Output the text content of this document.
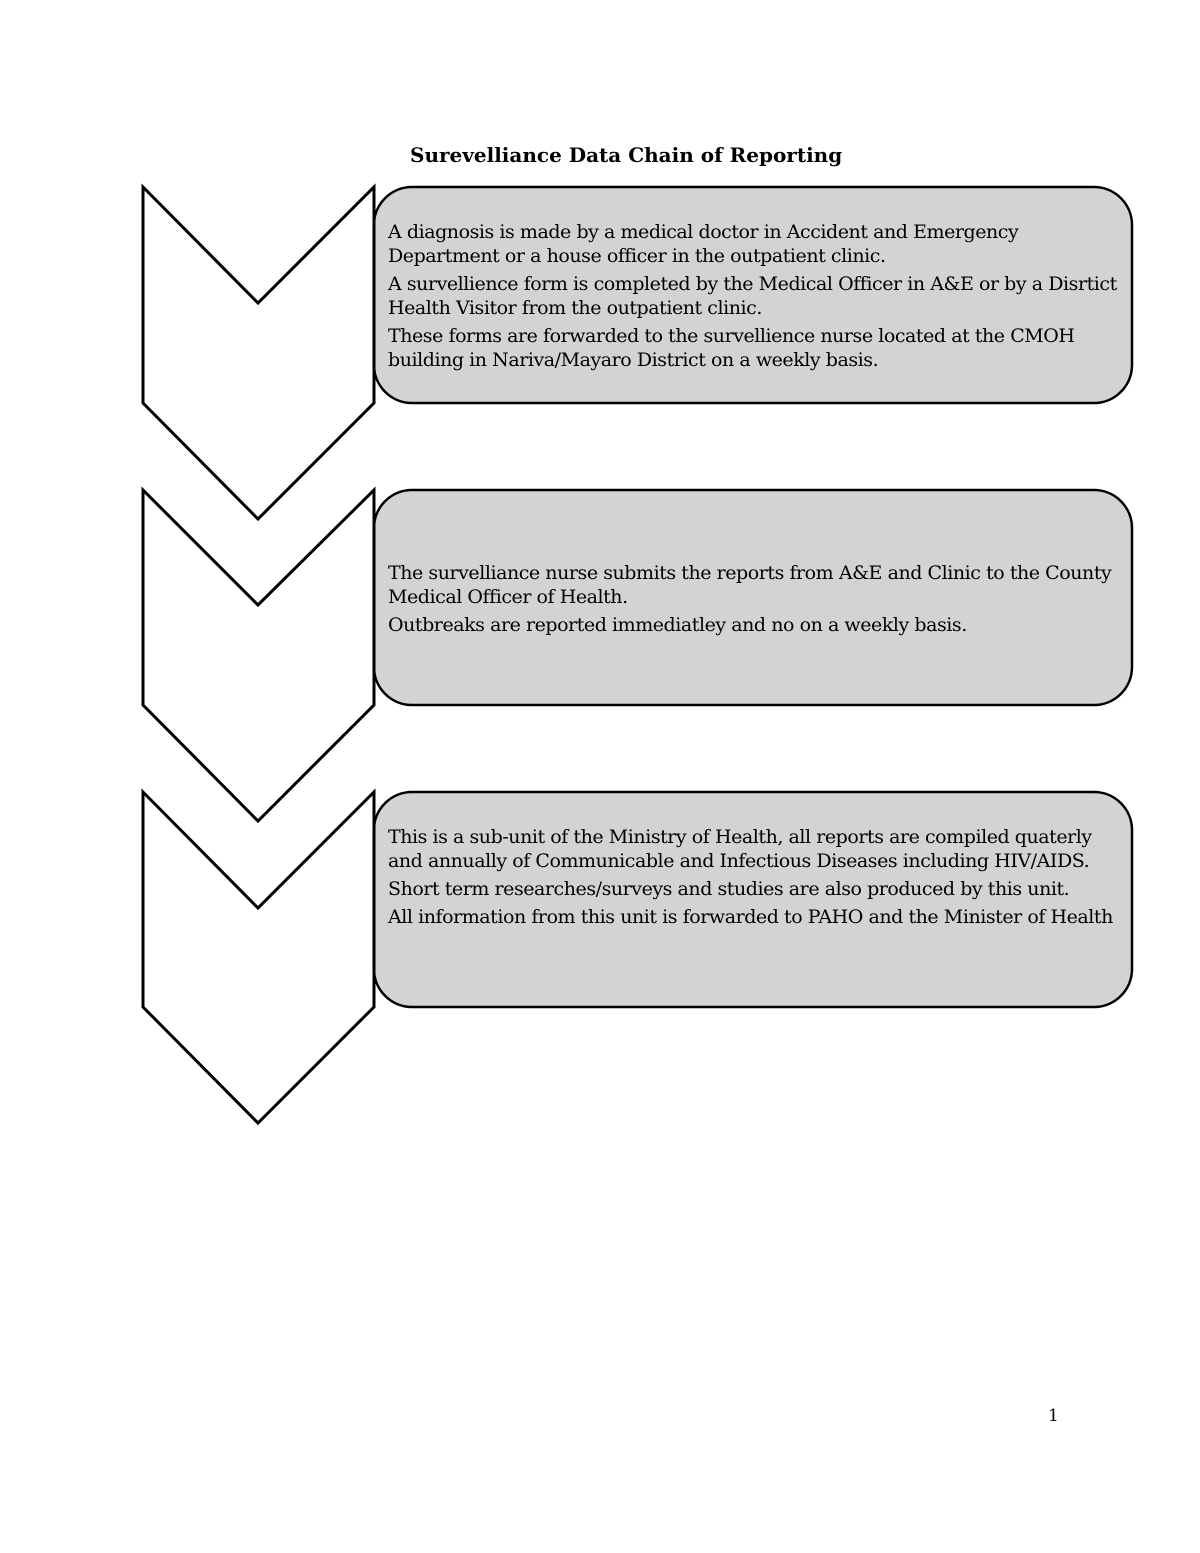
Surevelliance Data Chain of Reporting

A diagnosis is made by a medical doctor in Accident and Emergency Department or a house officer in the outpatient clinic.

A survellience form is completed by the Medical Officer in A&E or by a Disrtict Health Visitor from the outpatient clinic.

These forms are forwarded to the survellience nurse located at the CMOH building in Nariva/Mayaro District on a weekly basis.

The survelliance nurse submits the reports from A&E and Clinic to the County Medical Officer of Health.

Outbreaks are reported immediatley and no on a weekly basis.

This is a sub-unit of the Ministry of Health, all reports are compiled quaterly and annually of Communicable and Infectious Diseases including HIV/AIDS.

Short term researches/surveys and studies are also produced by this unit.

All information from this unit is forwarded to PAHO and the Minister of Health

1
